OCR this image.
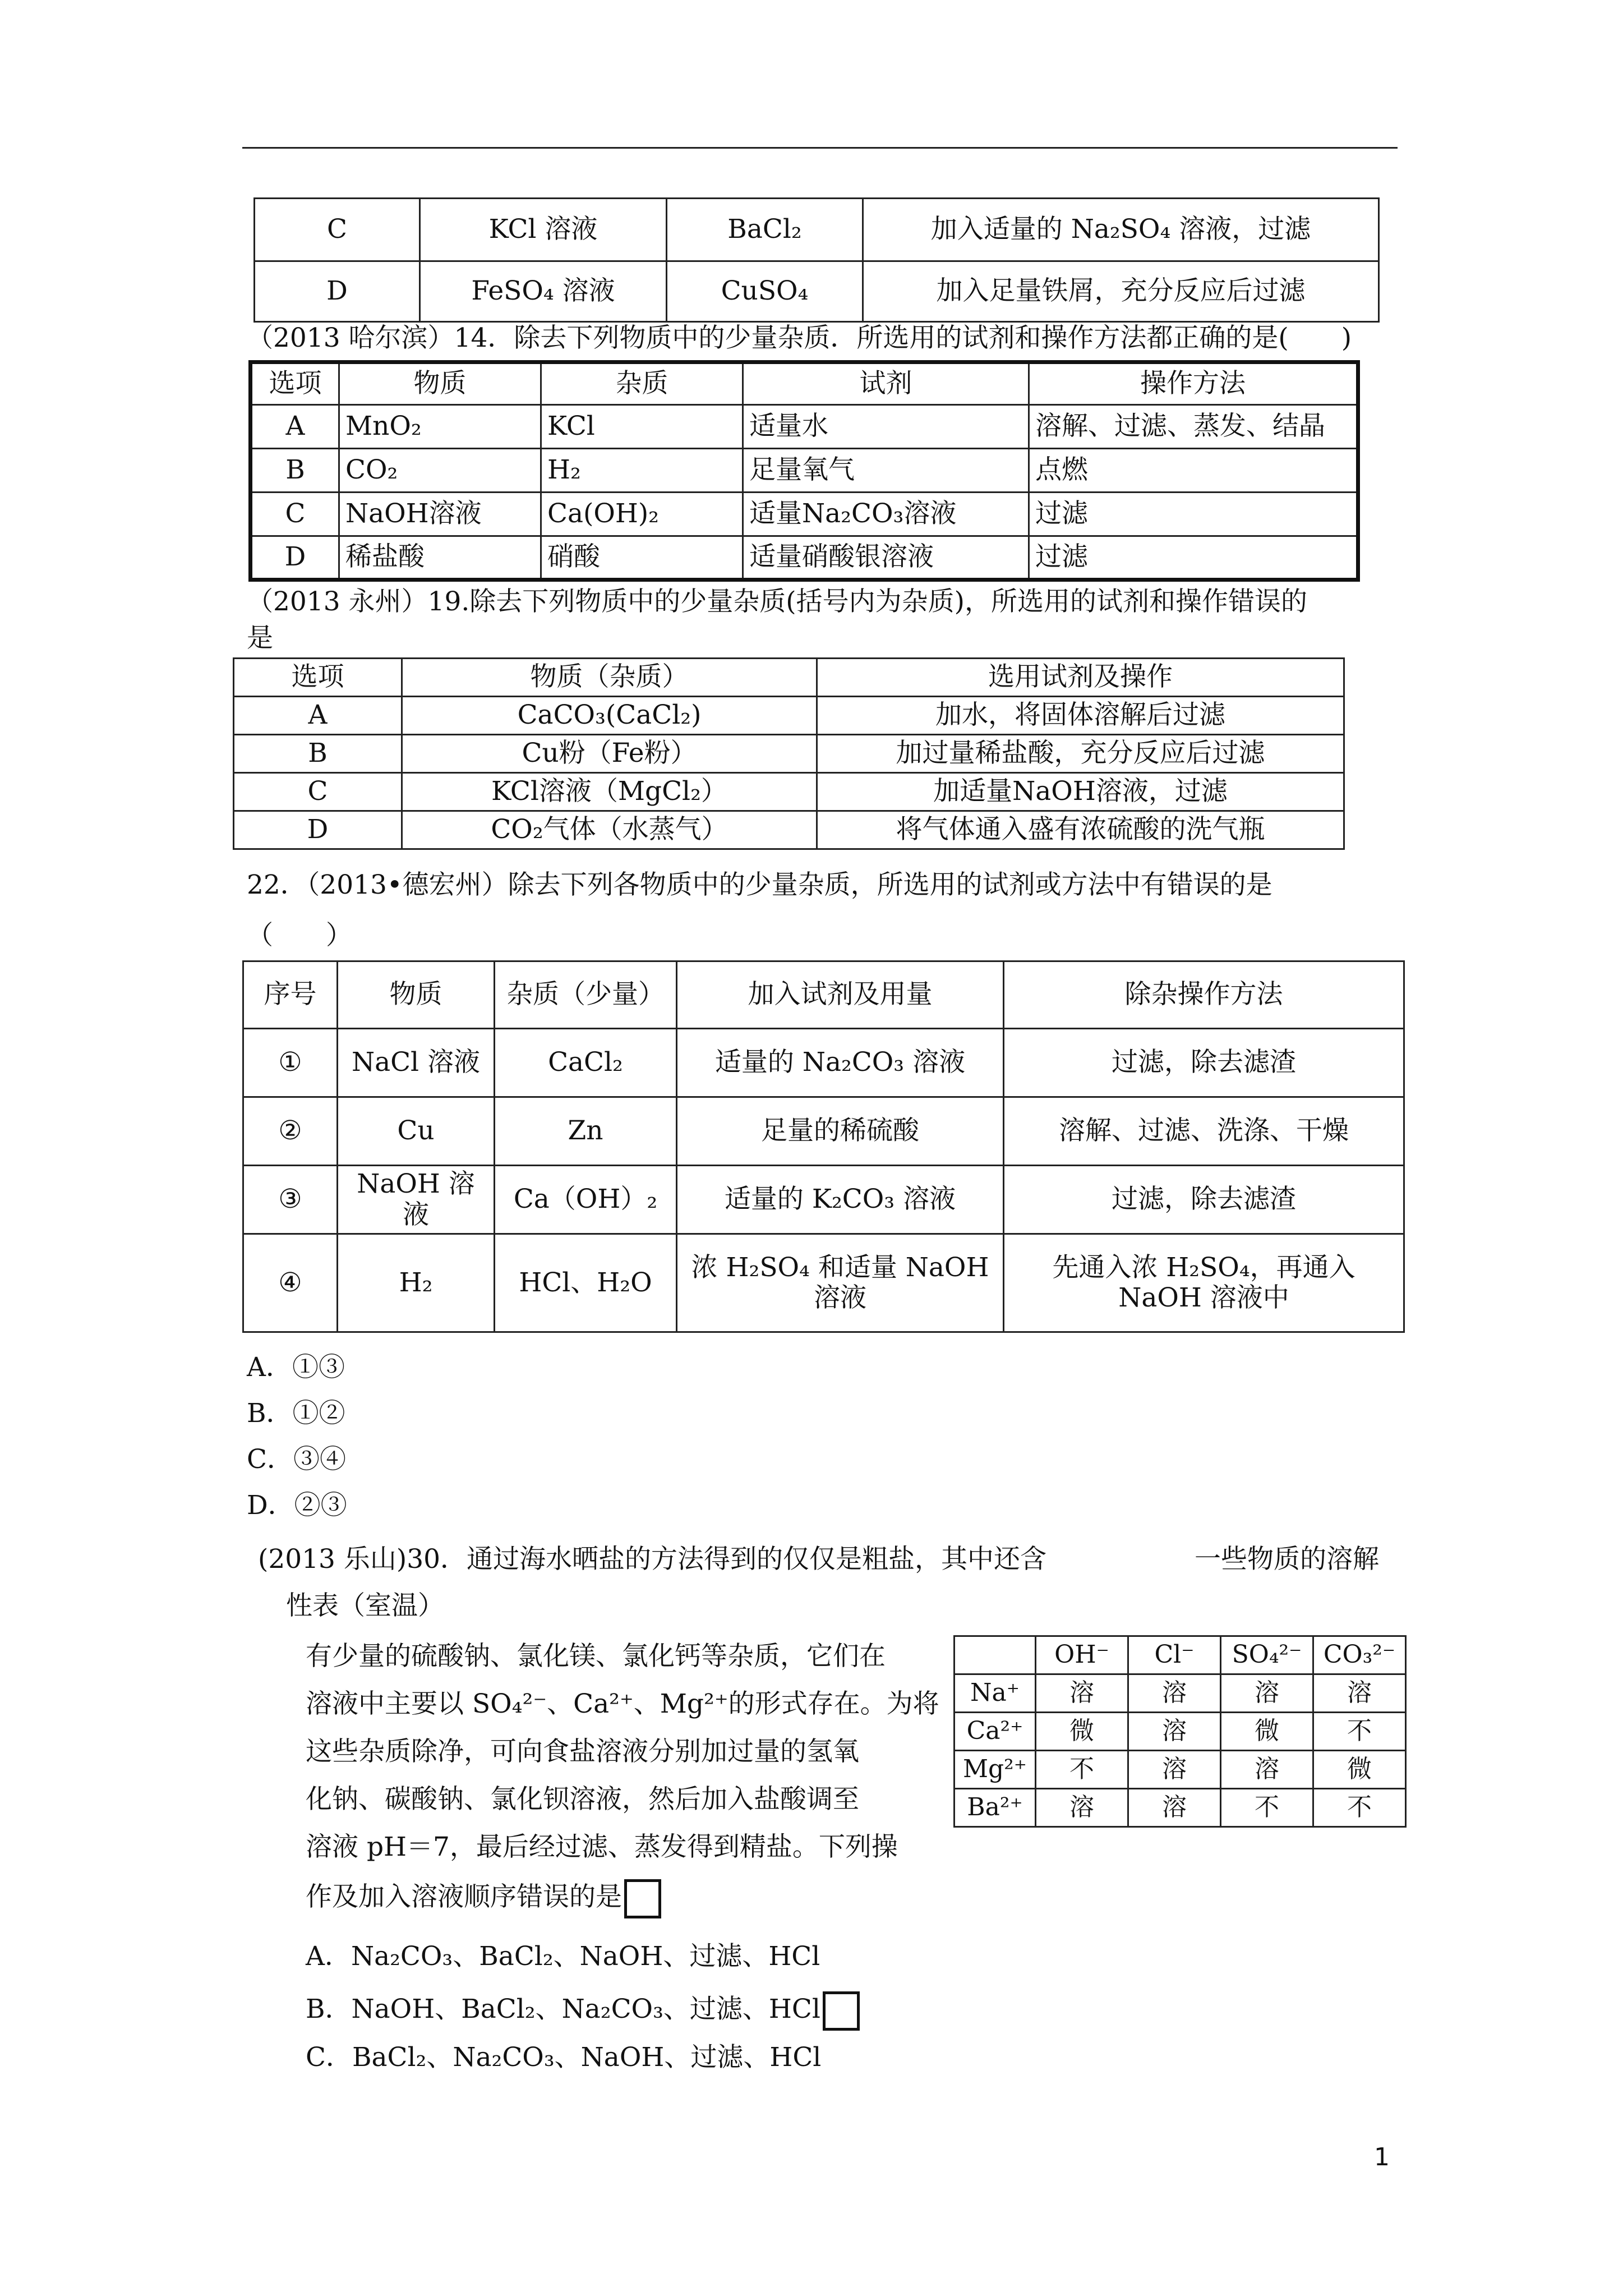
C	KCl 溶液	BaCl₂	加入适量的 Na₂SO₄ 溶液，过滤
D	FeSO₄ 溶液	CuSO₄	加入足量铁屑，充分反应后过滤
（2013 哈尔滨）14．除去下列物质中的少量杂质．所选用的试剂和操作方法都正确的是(　　)
选项	物质	杂质	试剂	操作方法
A	MnO₂	KCl	适量水	溶解、过滤、蒸发、结晶
B	CO₂	H₂	足量氧气	点燃
C	NaOH溶液	Ca(OH)₂	适量Na₂CO₃溶液	过滤
D	稀盐酸	硝酸	适量硝酸银溶液	过滤
（2013 永州）19.除去下列物质中的少量杂质(括号内为杂质)，所选用的试剂和操作错误的
是
选项	物质（杂质）	选用试剂及操作
A	CaCO₃(CaCl₂)	加水，将固体溶解后过滤
B	Cu粉（Fe粉）	加过量稀盐酸，充分反应后过滤
C	KCl溶液（MgCl₂）	加适量NaOH溶液，过滤
D	CO₂气体（水蒸气）	将气体通入盛有浓硫酸的洗气瓶
22．（2013•德宏州）除去下列各物质中的少量杂质，所选用的试剂或方法中有错误的是
（　　）
序号	物质	杂质（少量）	加入试剂及用量	除杂操作方法
①	NaCl 溶液	CaCl₂	适量的 Na₂CO₃ 溶液	过滤，除去滤渣
②	Cu	Zn	足量的稀硫酸	溶解、过滤、洗涤、干燥
③	NaOH 溶液	Ca（OH）₂	适量的 K₂CO₃ 溶液	过滤，除去滤渣
④	H₂	HCl、H₂O	浓 H₂SO₄ 和适量 NaOH 溶液	先通入浓 H₂SO₄，再通入 NaOH 溶液中
A．①③
B．①②
C．③④
D．②③
(2013 乐山)30．通过海水晒盐的方法得到的仅仅是粗盐，其中还含	一些物质的溶解
性表（室温）
有少量的硫酸钠、氯化镁、氯化钙等杂质，它们在
溶液中主要以 SO₄²⁻、Ca²⁺、Mg²⁺的形式存在。为将
这些杂质除净，可向食盐溶液分别加过量的氢氧
化钠、碳酸钠、氯化钡溶液，然后加入盐酸调至
溶液 pH＝7，最后经过滤、蒸发得到精盐。下列操
作及加入溶液顺序错误的是
	OH⁻	Cl⁻	SO₄²⁻	CO₃²⁻
Na⁺	溶	溶	溶	溶
Ca²⁺	微	溶	微	不
Mg²⁺	不	溶	溶	微
Ba²⁺	溶	溶	不	不
A．Na₂CO₃、BaCl₂、NaOH、过滤、HCl
B．NaOH、BaCl₂、Na₂CO₃、过滤、HCl
C．BaCl₂、Na₂CO₃、NaOH、过滤、HCl
1
